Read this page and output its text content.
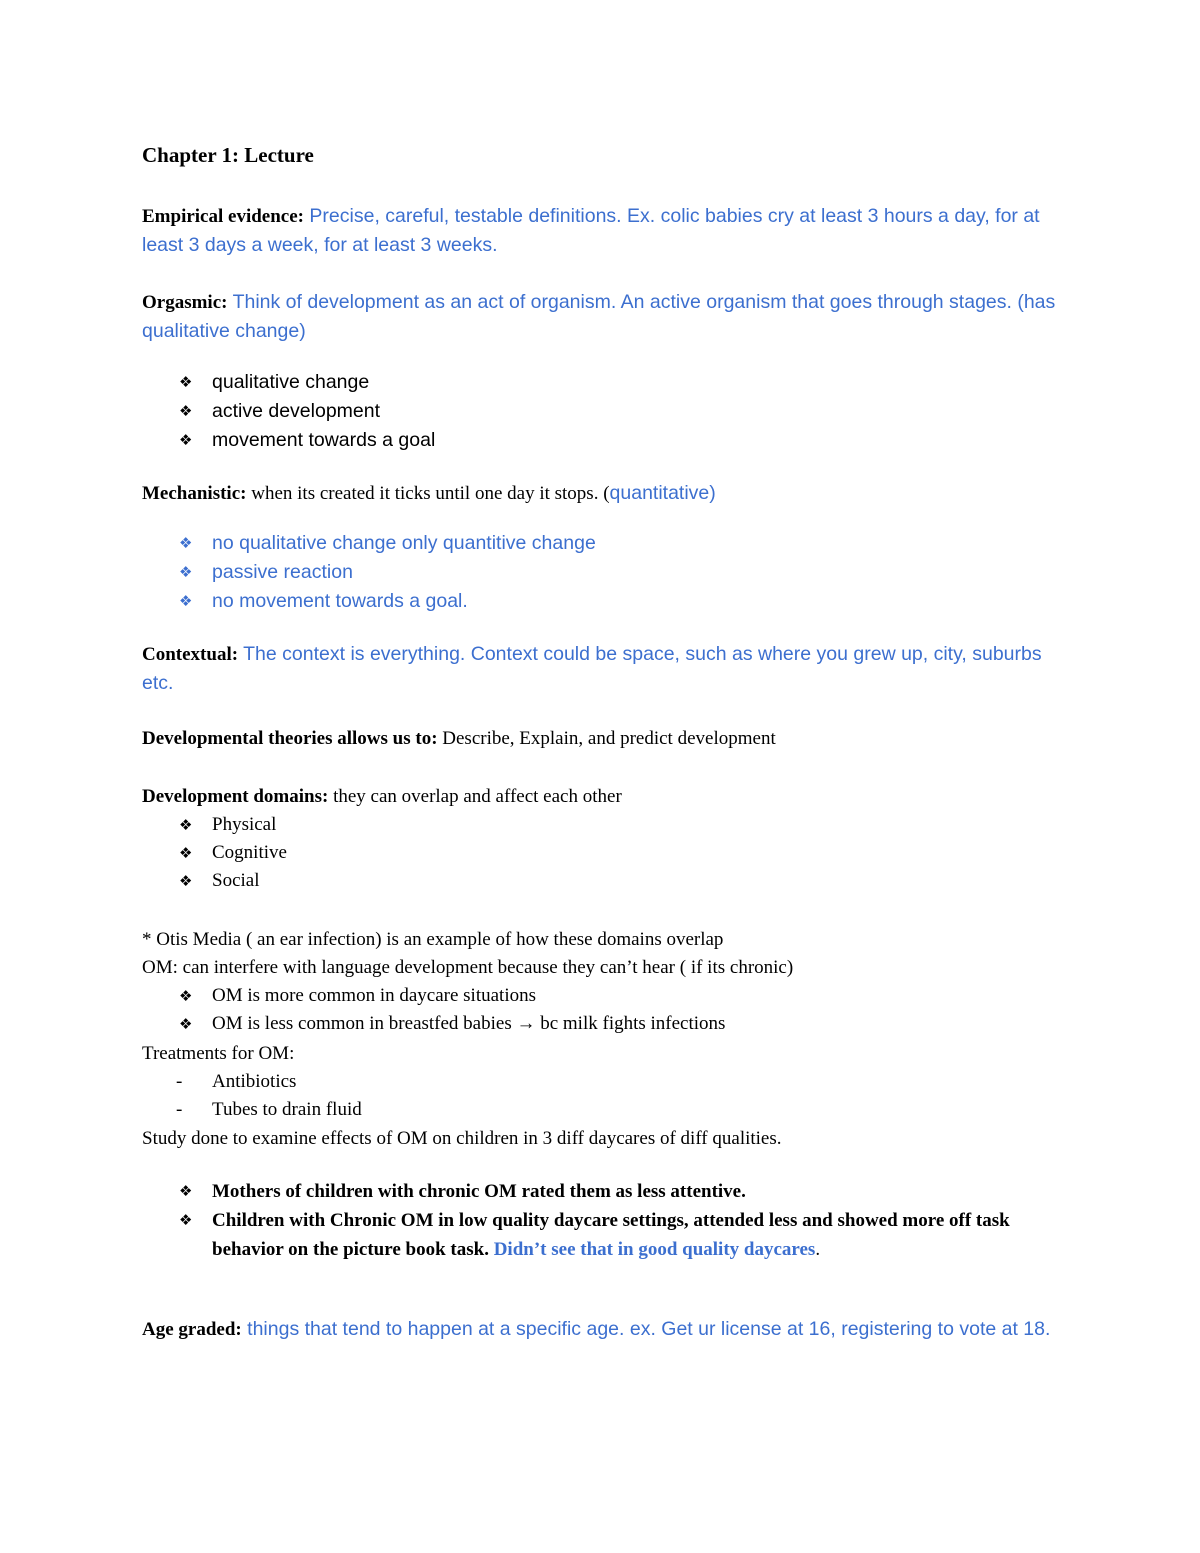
Chapter 1: Lecture
Empirical evidence: Precise, careful, testable definitions. Ex. colic babies cry at least 3 hours a day, for at least 3 days a week, for at least 3 weeks.
Orgasmic: Think of development as an act of organism. An active organism that goes through stages. (has qualitative change)
❖ qualitative change
❖ active development
❖ movement towards a goal
Mechanistic: when its created it ticks until one day it stops. (quantitative)
❖ no qualitative change only quantitive change
❖ passive reaction
❖ no movement towards a goal.
Contextual: The context is everything. Context could be space, such as where you grew up, city, suburbs etc.
Developmental theories allows us to: Describe, Explain, and predict development
Development domains: they can overlap and affect each other
❖ Physical
❖ Cognitive
❖ Social
* Otis Media ( an ear infection) is an example of how these domains overlap
OM: can interfere with language development because they can’t hear ( if its chronic)
❖ OM is more common in daycare situations
❖ OM is less common in breastfed babies → bc milk fights infections
Treatments for OM:
- Antibiotics
- Tubes to drain fluid
Study done to examine effects of OM on children in 3 diff daycares of diff qualities.
❖ Mothers of children with chronic OM rated them as less attentive.
❖ Children with Chronic OM in low quality daycare settings, attended less and showed more off task behavior on the picture book task. Didn’t see that in good quality daycares.
Age graded: things that tend to happen at a specific age. ex. Get ur license at 16, registering to vote at 18.
